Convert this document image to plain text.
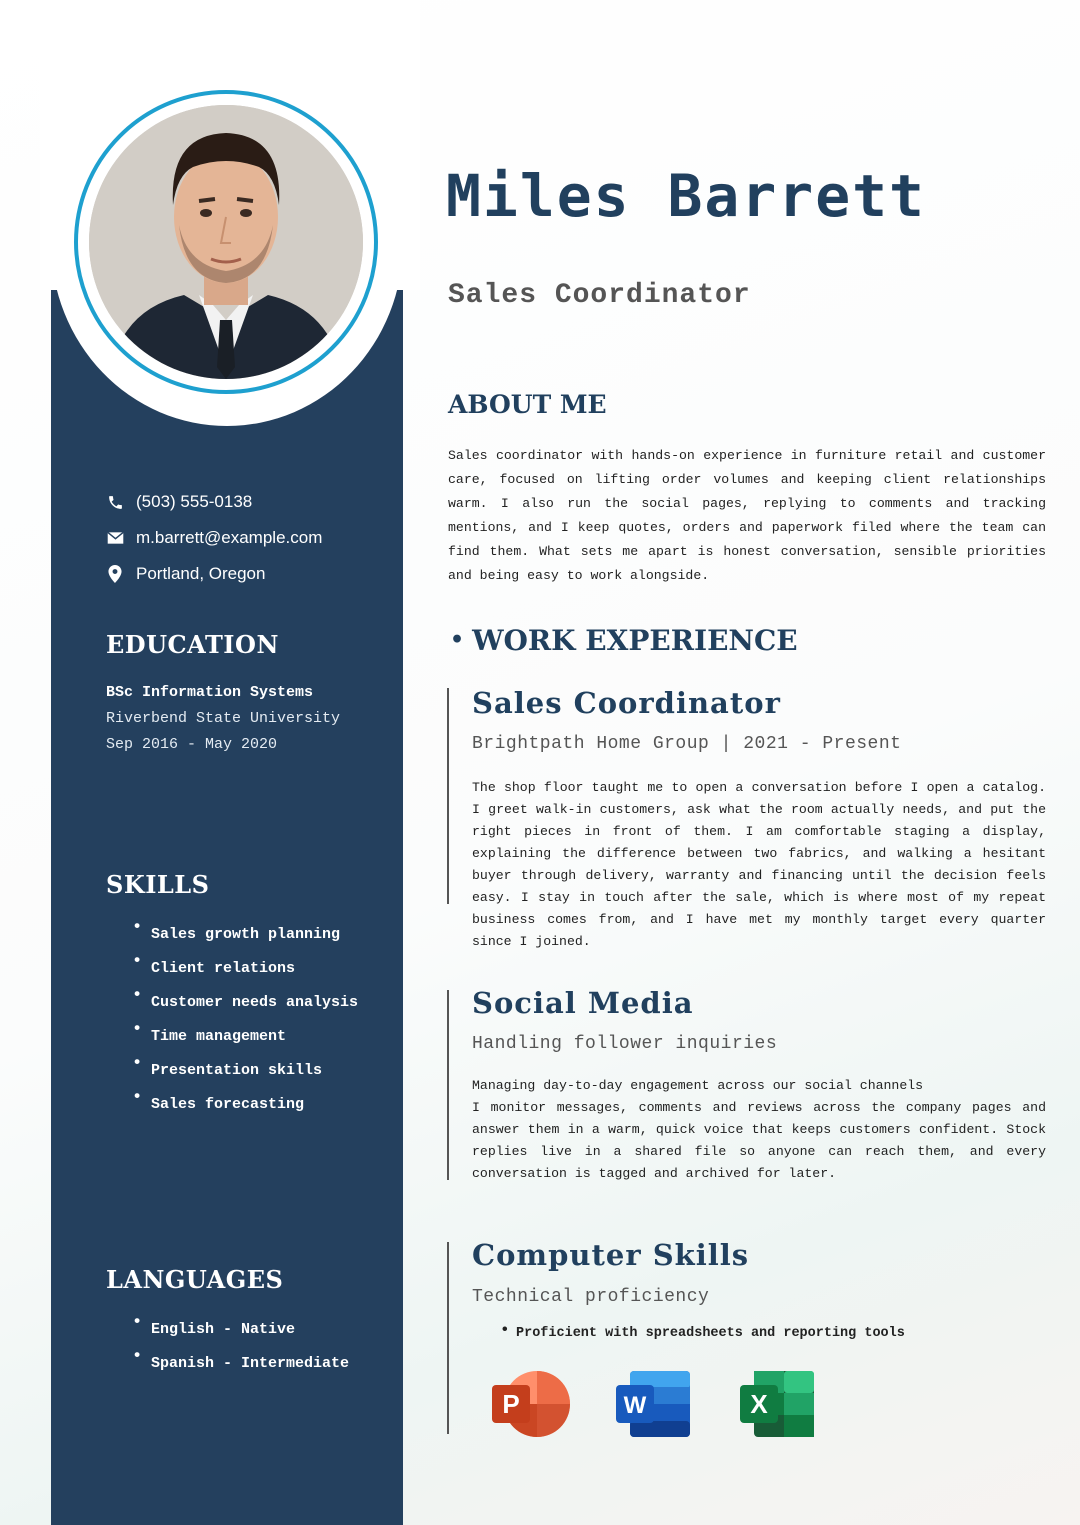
(503) 555-0138
m.barrett@example.com
Portland, Oregon
EDUCATION
BSc Information Systems
Riverbend State University
Sep 2016 - May 2020
SKILLS
• Sales growth planning
• Client relations
• Customer needs analysis
• Time management
• Presentation skills
• Sales forecasting
LANGUAGES
• English - Native
• Spanish - Intermediate
Miles Barrett
Sales Coordinator
ABOUT ME

Sales coordinator with hands-on experience in furniture retail and customer care, focused on lifting order volumes and keeping client relationships warm. I also run the social pages, replying to comments and tracking mentions, and I keep quotes, orders and paperwork filed where the team can find them. What sets me apart is honest conversation, sensible priorities and being easy to work alongside.

• WORK EXPERIENCE
Sales Coordinator
Brightpath Home Group | 2021 - Present

The shop floor taught me to open a conversation before I open a catalog. I greet walk-in customers, ask what the room actually needs, and put the right pieces in front of them. I am comfortable staging a display, explaining the difference between two fabrics, and walking a hesitant buyer through delivery, warranty and financing until the decision feels easy. I stay in touch after the sale, which is where most of my repeat business comes from, and I have met my monthly target every quarter since I joined.

Social Media
Handling follower inquiries
Managing day-to-day engagement across our social channels
I monitor messages, comments and reviews across the company pages and answer them in a warm, quick voice that keeps customers confident. Stock replies live in a shared file so anyone can reach them, and every conversation is tagged and archived for later.
Computer Skills
Technical proficiency
• Proficient with spreadsheets and reporting tools
P	W	X
